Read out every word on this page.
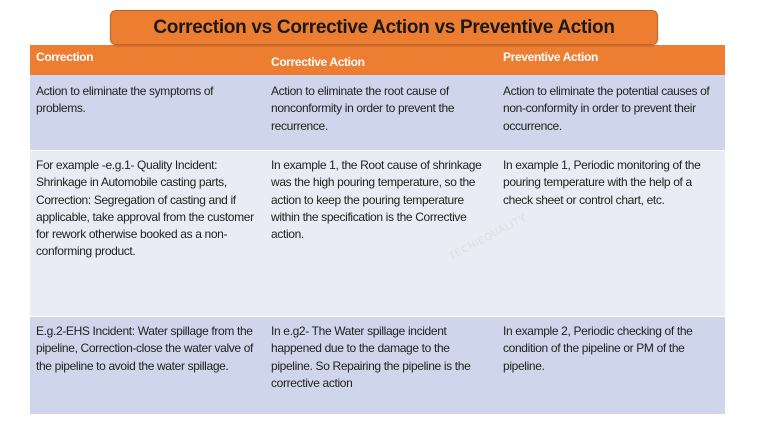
Correction vs Corrective Action vs Preventive Action
Correction	Corrective Action	Preventive Action
Action to eliminate the symptoms of problems.
Action to eliminate the root cause of nonconformity in order to prevent the recurrence.
Action to eliminate the potential causes of non-conformity in order to prevent their occurrence.
For example -e.g.1- Quality Incident: Shrinkage in Automobile casting parts, Correction: Segregation of casting and if applicable, take approval from the customer for rework otherwise booked as a non-conforming product.
In example 1, the Root cause of shrinkage was the high pouring temperature, so the action to keep the pouring temperature within the specification is the Corrective action.
In example 1, Periodic monitoring of the pouring temperature with the help of a check sheet or control chart, etc.
E.g.2-EHS Incident: Water spillage from the pipeline, Correction-close the water valve of the pipeline to avoid the water spillage.
In e.g2- The Water spillage incident happened due to the damage to the pipeline. So Repairing the pipeline is the corrective action
In example 2, Periodic checking of the condition of the pipeline or PM of the pipeline.
TECHIEQUALITY
